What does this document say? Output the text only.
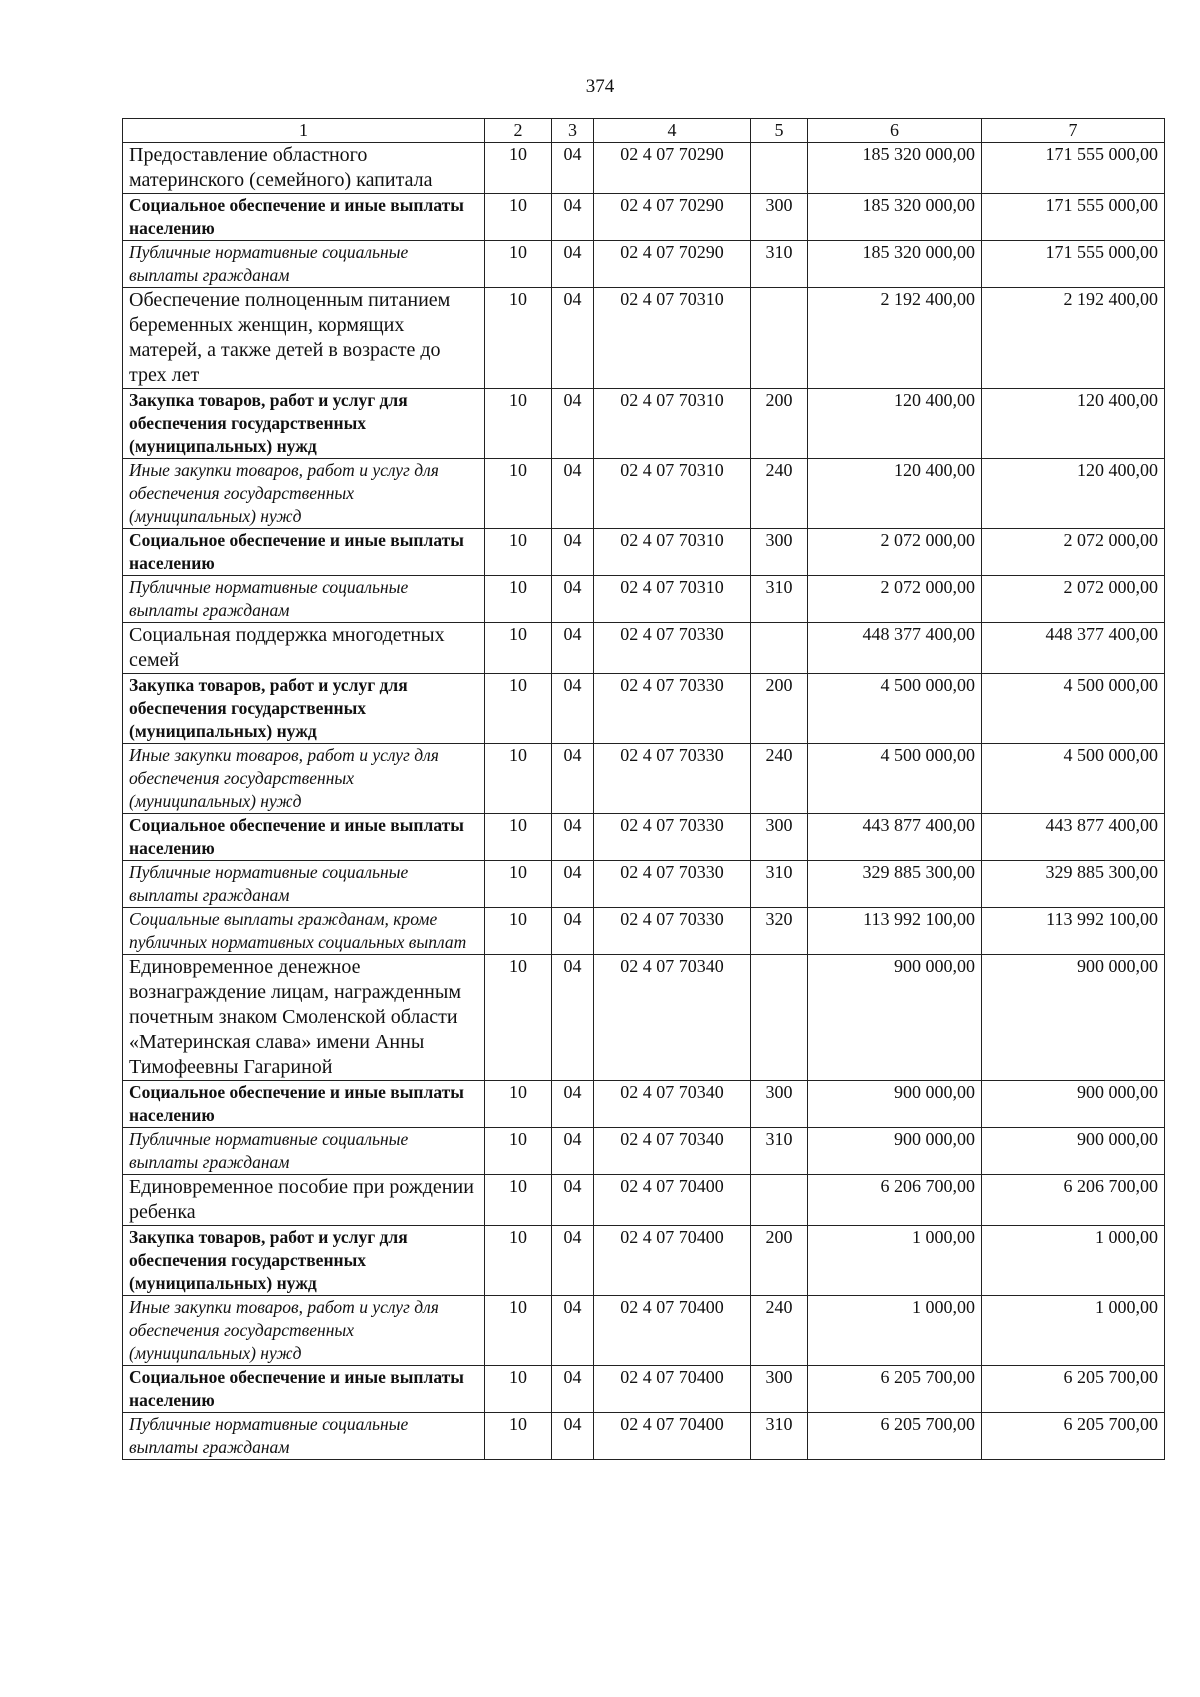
374
1	2	3	4	5	6	7
Предоставление областного материнского (семейного) капитала	10	04	02 4 07 70290		185 320 000,00	171 555 000,00
Социальное обеспечение и иные выплаты населению	10	04	02 4 07 70290	300	185 320 000,00	171 555 000,00
Публичные нормативные социальные выплаты гражданам	10	04	02 4 07 70290	310	185 320 000,00	171 555 000,00
Обеспечение полноценным питанием беременных женщин, кормящих матерей, а также детей в возрасте до трех лет	10	04	02 4 07 70310		2 192 400,00	2 192 400,00
Закупка товаров, работ и услуг для обеспечения государственных (муниципальных) нужд	10	04	02 4 07 70310	200	120 400,00	120 400,00
Иные закупки товаров, работ и услуг для обеспечения государственных (муниципальных) нужд	10	04	02 4 07 70310	240	120 400,00	120 400,00
Социальное обеспечение и иные выплаты населению	10	04	02 4 07 70310	300	2 072 000,00	2 072 000,00
Публичные нормативные социальные выплаты гражданам	10	04	02 4 07 70310	310	2 072 000,00	2 072 000,00
Социальная поддержка многодетных семей	10	04	02 4 07 70330		448 377 400,00	448 377 400,00
Закупка товаров, работ и услуг для обеспечения государственных (муниципальных) нужд	10	04	02 4 07 70330	200	4 500 000,00	4 500 000,00
Иные закупки товаров, работ и услуг для обеспечения государственных (муниципальных) нужд	10	04	02 4 07 70330	240	4 500 000,00	4 500 000,00
Социальное обеспечение и иные выплаты населению	10	04	02 4 07 70330	300	443 877 400,00	443 877 400,00
Публичные нормативные социальные выплаты гражданам	10	04	02 4 07 70330	310	329 885 300,00	329 885 300,00
Социальные выплаты гражданам, кроме публичных нормативных социальных выплат	10	04	02 4 07 70330	320	113 992 100,00	113 992 100,00
Единовременное денежное вознаграждение лицам, награжденным почетным знаком Смоленской области «Материнская слава» имени Анны Тимофеевны Гагариной	10	04	02 4 07 70340		900 000,00	900 000,00
Социальное обеспечение и иные выплаты населению	10	04	02 4 07 70340	300	900 000,00	900 000,00
Публичные нормативные социальные выплаты гражданам	10	04	02 4 07 70340	310	900 000,00	900 000,00
Единовременное пособие при рождении ребенка	10	04	02 4 07 70400		6 206 700,00	6 206 700,00
Закупка товаров, работ и услуг для обеспечения государственных (муниципальных) нужд	10	04	02 4 07 70400	200	1 000,00	1 000,00
Иные закупки товаров, работ и услуг для обеспечения государственных (муниципальных) нужд	10	04	02 4 07 70400	240	1 000,00	1 000,00
Социальное обеспечение и иные выплаты населению	10	04	02 4 07 70400	300	6 205 700,00	6 205 700,00
Публичные нормативные социальные выплаты гражданам	10	04	02 4 07 70400	310	6 205 700,00	6 205 700,00
